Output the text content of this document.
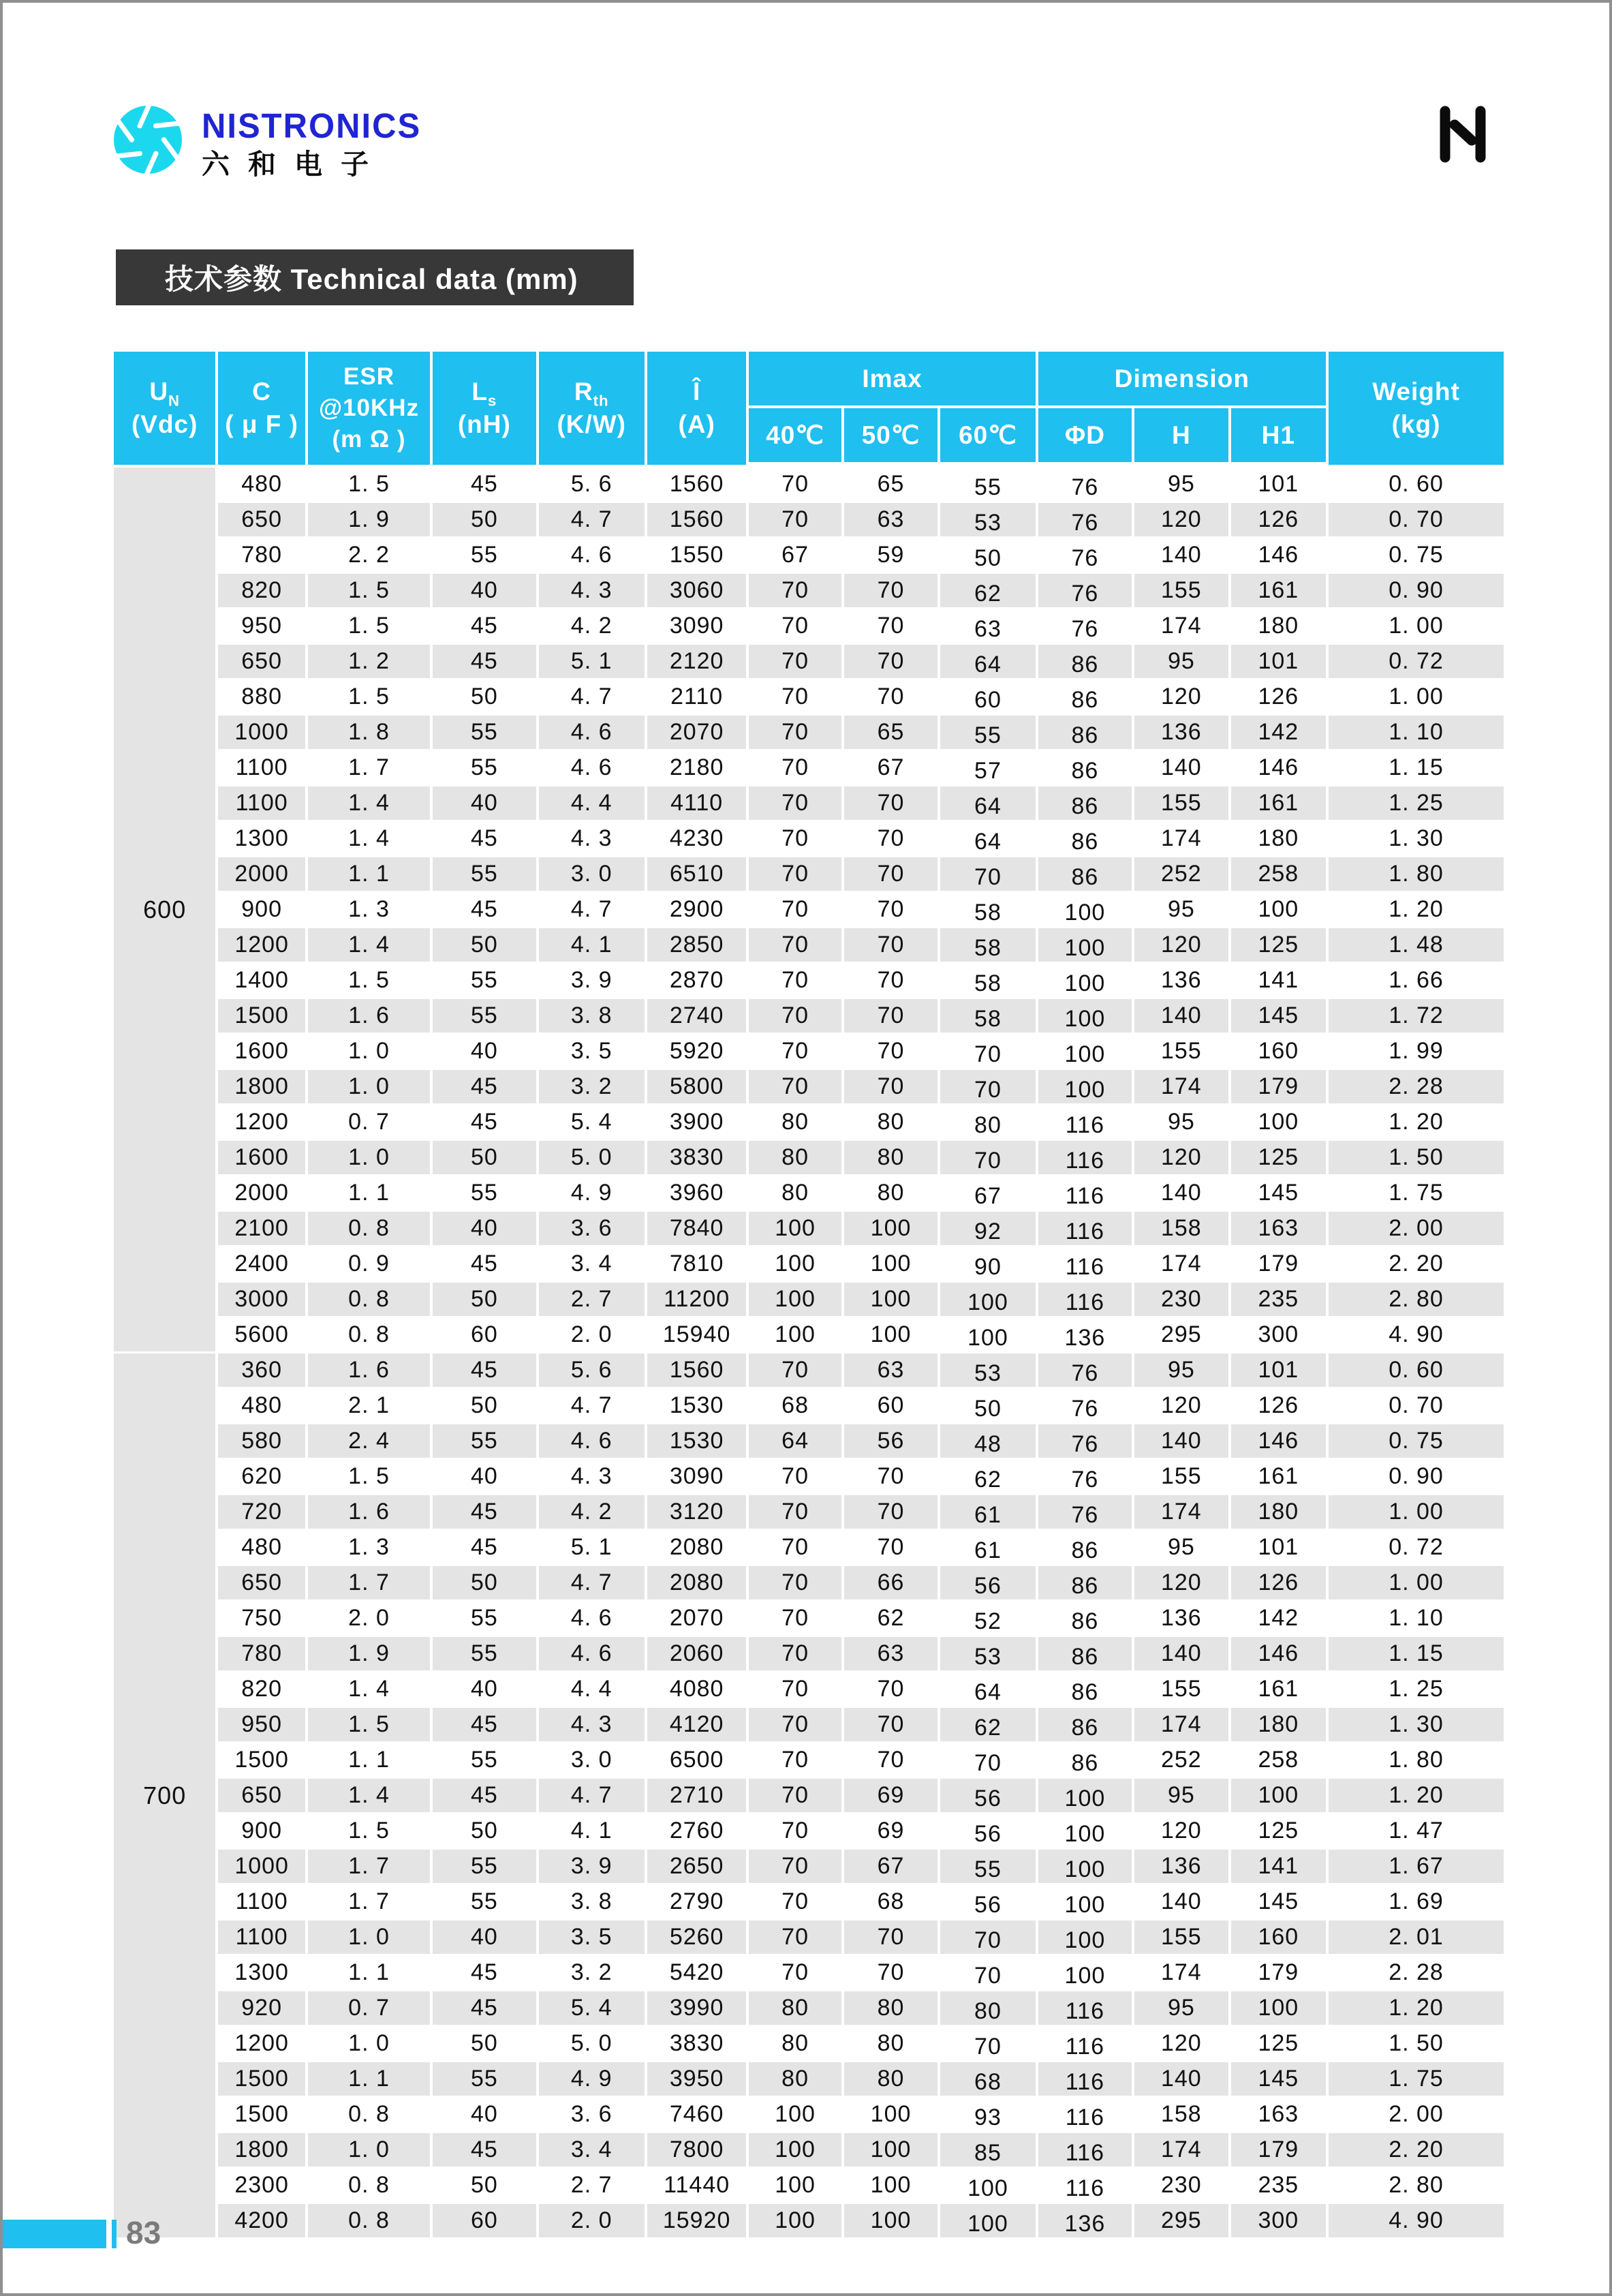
NISTRONICS
六和电子
技术参数 Technical data (mm)
$U_N$
(Vdc)
C
( μ F )
ESR
@10KHz
(m Ω )
$L_s$
(nH)
$R_{th}$
(K/W)
Î
(A)
Imax
40℃ 50℃ 60℃
Dimension
ΦD	H	H1
Weight
(kg)
600
480	1. 5	45	5. 6	1560	70	65	55	76	95	101	0. 60
650	1. 9	50	4. 7	1560	70	63	53	76	120	126	0. 70
780	2. 2	55	4. 6	1550	67	59	50	76	140	146	0. 75
820	1. 5	40	4. 3	3060	70	70	62	76	155	161	0. 90
950	1. 5	45	4. 2	3090	70	70	63	76	174	180	1. 00
650	1. 2	45	5. 1	2120	70	70	64	86	95	101	0. 72
880	1. 5	50	4. 7	2110	70	70	60	86	120	126	1. 00
1000	1. 8	55	4. 6	2070	70	65	55	86	136	142	1. 10
1100	1. 7	55	4. 6	2180	70	67	57	86	140	146	1. 15
1100	1. 4	40	4. 4	4110	70	70	64	86	155	161	1. 25
1300	1. 4	45	4. 3	4230	70	70	64	86	174	180	1. 30
2000	1. 1	55	3. 0	6510	70	70	70	86	252	258	1. 80
900	1. 3	45	4. 7	2900	70	70	58	100	95	100	1. 20
1200	1. 4	50	4. 1	2850	70	70	58	100	120	125	1. 48
1400	1. 5	55	3. 9	2870	70	70	58	100	136	141	1. 66
1500	1. 6	55	3. 8	2740	70	70	58	100	140	145	1. 72
1600	1. 0	40	3. 5	5920	70	70	70	100	155	160	1. 99
1800	1. 0	45	3. 2	5800	70	70	70	100	174	179	2. 28
1200	0. 7	45	5. 4	3900	80	80	80	116	95	100	1. 20
1600	1. 0	50	5. 0	3830	80	80	70	116	120	125	1. 50
2000	1. 1	55	4. 9	3960	80	80	67	116	140	145	1. 75
2100	0. 8	40	3. 6	7840	100	100	92	116	158	163	2. 00
2400	0. 9	45	3. 4	7810	100	100	90	116	174	179	2. 20
3000	0. 8	50	2. 7	11200	100	100	100	116	230	235	2. 80
5600	0. 8	60	2. 0	15940	100	100	100	136	295	300	4. 90
700
360	1. 6	45	5. 6	1560	70	63	53	76	95	101	0. 60
480	2. 1	50	4. 7	1530	68	60	50	76	120	126	0. 70
580	2. 4	55	4. 6	1530	64	56	48	76	140	146	0. 75
620	1. 5	40	4. 3	3090	70	70	62	76	155	161	0. 90
720	1. 6	45	4. 2	3120	70	70	61	76	174	180	1. 00
480	1. 3	45	5. 1	2080	70	70	61	86	95	101	0. 72
650	1. 7	50	4. 7	2080	70	66	56	86	120	126	1. 00
750	2. 0	55	4. 6	2070	70	62	52	86	136	142	1. 10
780	1. 9	55	4. 6	2060	70	63	53	86	140	146	1. 15
820	1. 4	40	4. 4	4080	70	70	64	86	155	161	1. 25
950	1. 5	45	4. 3	4120	70	70	62	86	174	180	1. 30
1500	1. 1	55	3. 0	6500	70	70	70	86	252	258	1. 80
650	1. 4	45	4. 7	2710	70	69	56	100	95	100	1. 20
900	1. 5	50	4. 1	2760	70	69	56	100	120	125	1. 47
1000	1. 7	55	3. 9	2650	70	67	55	100	136	141	1. 67
1100	1. 7	55	3. 8	2790	70	68	56	100	140	145	1. 69
1100	1. 0	40	3. 5	5260	70	70	70	100	155	160	2. 01
1300	1. 1	45	3. 2	5420	70	70	70	100	174	179	2. 28
920	0. 7	45	5. 4	3990	80	80	80	116	95	100	1. 20
1200	1. 0	50	5. 0	3830	80	80	70	116	120	125	1. 50
1500	1. 1	55	4. 9	3950	80	80	68	116	140	145	1. 75
1500	0. 8	40	3. 6	7460	100	100	93	116	158	163	2. 00
1800	1. 0	45	3. 4	7800	100	100	85	116	174	179	2. 20
2300	0. 8	50	2. 7	11440	100	100	100	116	230	235	2. 80
4200	0. 8	60	2. 0	15920	100	100	100	136	295	300	4. 90
83
